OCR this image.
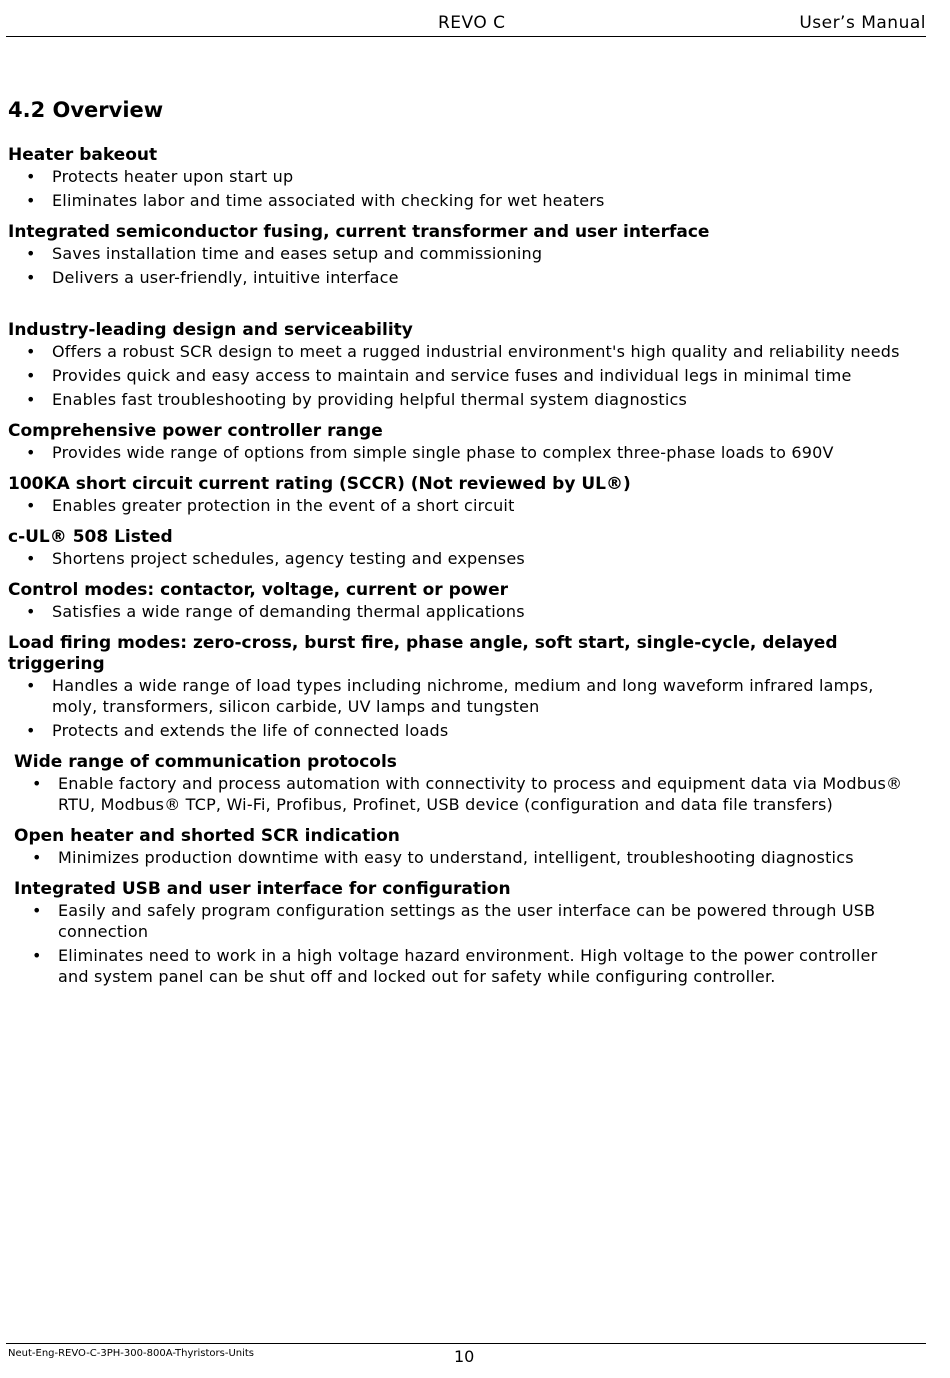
REVO C	User’s Manual
4.2 Overview
Heater bakeout
• Protects heater upon start up
• Eliminates labor and time associated with checking for wet heaters
Integrated semiconductor fusing, current transformer and user interface
• Saves installation time and eases setup and commissioning
• Delivers a user-friendly, intuitive interface
Industry-leading design and serviceability
• Offers a robust SCR design to meet a rugged industrial environment's high quality and reliability needs
• Provides quick and easy access to maintain and service fuses and individual legs in minimal time
• Enables fast troubleshooting by providing helpful thermal system diagnostics
Comprehensive power controller range
• Provides wide range of options from simple single phase to complex three-phase loads to 690V
100KA short circuit current rating (SCCR) (Not reviewed by UL®)
• Enables greater protection in the event of a short circuit
c-UL® 508 Listed
• Shortens project schedules, agency testing and expenses
Control modes: contactor, voltage, current or power
• Satisfies a wide range of demanding thermal applications
Load firing modes: zero-cross, burst fire, phase angle, soft start, single-cycle, delayed triggering
• Handles a wide range of load types including nichrome, medium and long waveform infrared lamps, moly, transformers, silicon carbide, UV lamps and tungsten
• Protects and extends the life of connected loads
Wide range of communication protocols
• Enable factory and process automation with connectivity to process and equipment data via Modbus® RTU, Modbus® TCP, Wi-Fi, Profibus, Profinet, USB device (configuration and data file transfers)
Open heater and shorted SCR indication
• Minimizes production downtime with easy to understand, intelligent, troubleshooting diagnostics
Integrated USB and user interface for configuration
• Easily and safely program configuration settings as the user interface can be powered through USB connection
• Eliminates need to work in a high voltage hazard environment. High voltage to the power controller and system panel can be shut off and locked out for safety while configuring controller.
Neut-Eng-REVO-C-3PH-300-800A-Thyristors-Units	10
